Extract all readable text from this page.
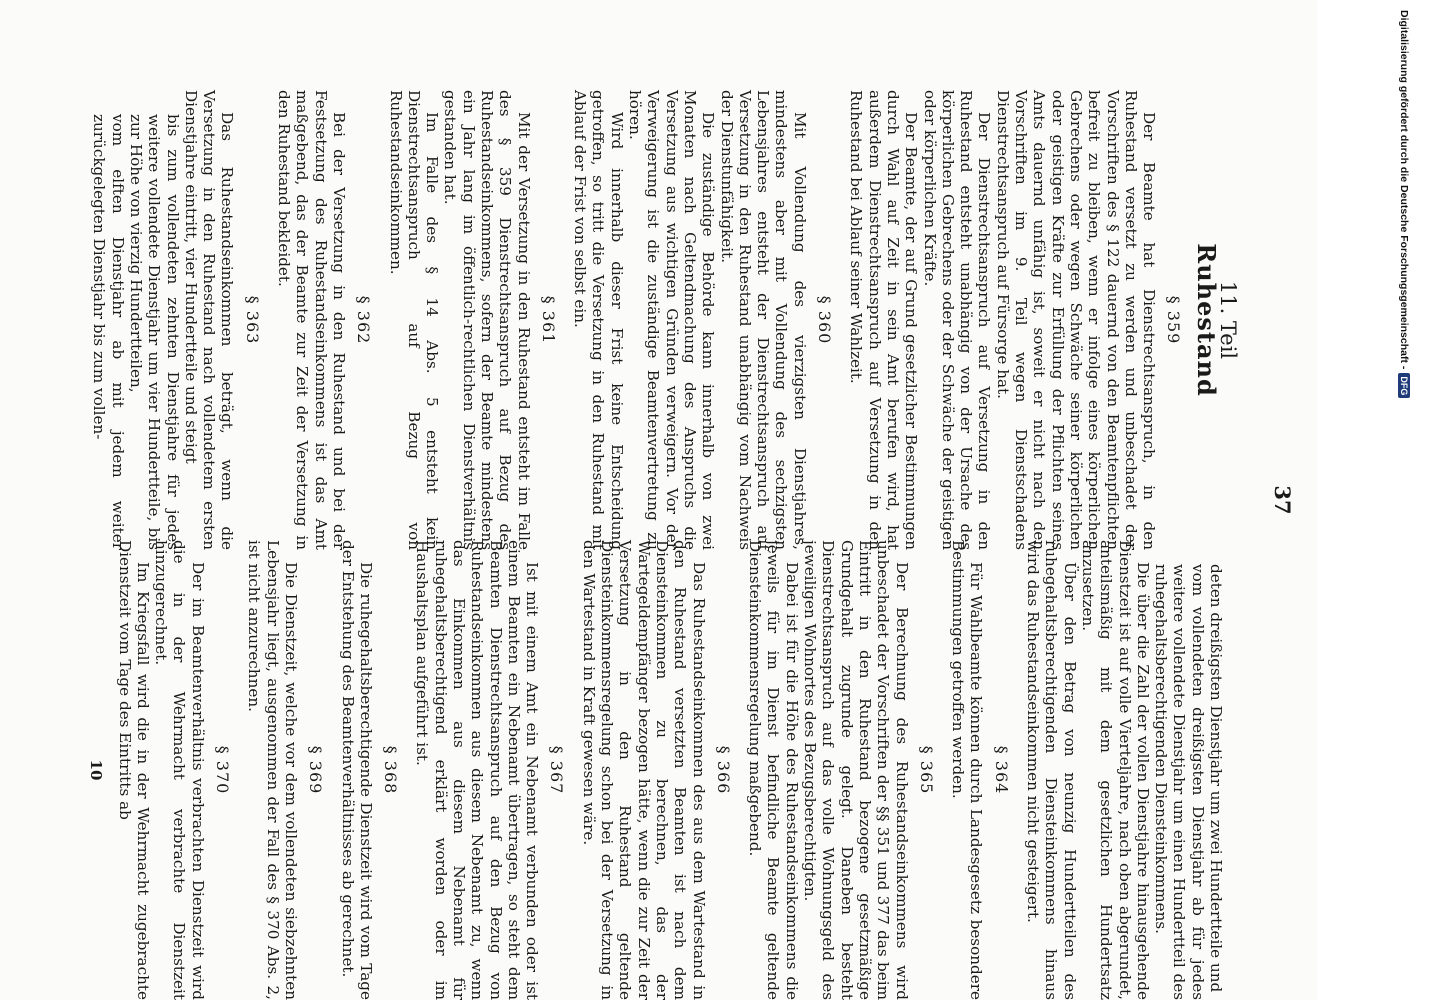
37
11. Teil
Ruhestand
§ 359

Der Beamte hat Dienstrechtsanspruch, in den Ruhestand versetzt zu werden und unbeschadet der Vorschriften des § 122 dauernd von den Beamtenpflichten befreit zu bleiben, wenn er infolge eines körperlichen Gebrechens oder wegen Schwäche seiner körperlichen oder geistigen Kräfte zur Erfüllung der Pflichten seines Amts dauernd unfähig ist, soweit er nicht nach den Vorschriften im 9. Teil wegen Dienstschadens Dienstrechtsanspruch auf Fürsorge hat.

Der Dienstrechtsanspruch auf Versetzung in den Ruhestand entsteht unabhängig von der Ursache des körperlichen Gebrechens oder der Schwäche der geistigen oder körperlichen Kräfte.

Der Beamte, der auf Grund gesetzlicher Bestimmungen durch Wahl auf Zeit in sein Amt berufen wird, hat außerdem Dienstrechtsanspruch auf Versetzung in den Ruhestand bei Ablauf seiner Wahlzeit.

§ 360

Mit Vollendung des vierzigsten Dienstjahres, mindestens aber mit Vollendung des sechzigsten Lebensjahres entsteht der Dienstrechtsanspruch auf Versetzung in den Ruhestand unabhängig vom Nachweis der Dienstunfähigkeit.

Die zuständige Behörde kann innerhalb von zwei Monaten nach Geltendmachung des Anspruchs die Versetzung aus wichtigen Gründen verweigern. Vor der Verweigerung ist die zuständige Beamtenvertretung zu hören.

Wird innerhalb dieser Frist keine Entscheidung getroffen, so tritt die Versetzung in den Ruhestand mit Ablauf der Frist von selbst ein.

§ 361

Mit der Versetzung in den Ruhestand entsteht im Falle des § 359 Dienstrechtsanspruch auf Bezug des Ruhestandseinkommens, sofern der Beamte mindestens ein Jahr lang im öffentlich-rechtlichen Dienstverhältnis gestanden hat.

Im Falle des § 14 Abs. 5 entsteht kein Dienstrechtsanspruch auf Bezug von Ruhestandseinkommen.

§ 362

Bei der Versetzung in den Ruhestand und bei der Festsetzung des Ruhestandseinkommens ist das Amt maßgebend, das der Beamte zur Zeit der Versetzung in den Ruhestand bekleidet.

§ 363

Das Ruhestandseinkommen beträgt, wenn die Versetzung in den Ruhestand nach vollendetem ersten Dienstjahre eintritt, vier Hundertteile und steigt

bis zum vollendeten zehnten Dienstjahre für jedes weitere vollendete Dienstjahr um vier Hundertteile, bis zur Höhe von vierzig Hundertteilen,

vom elften Dienstjahr ab mit jedem weiter zurückgelegten Dienstjahr bis zum vollen-

deten dreißigsten Dienstjahr um zwei Hundertteile und

vom vollendeten dreißigsten Dienstjahr ab für jedes weitere vollendete Dienstjahr um einen Hundertteil des ruhegehaltsberechtigenden Diensteinkommens.

Die über die Zahl der vollen Dienstjahre hinausgehende Dienstzeit ist auf volle Vierteljahre, nach oben abgerundet, anteilsmäßig mit dem gesetzlichen Hundertsatz anzusetzen.

Über den Betrag von neunzig Hundertteilen des ruhegehaltsberechtigenden Diensteinkommens hinaus wird das Ruhestandseinkommen nicht gesteigert.

§ 364

Für Wahlbeamte können durch Landesgesetz besondere Bestimmungen getroffen werden.

§ 365

Der Berechnung des Ruhestandseinkommens wird unbeschadet der Vorschriften der §§ 351 und 377 das beim Eintritt in den Ruhestand bezogene gesetzmäßige Grundgehalt zugrunde gelegt. Daneben besteht Dienstrechtsanspruch auf das volle Wohnungsgeld des jeweiligen Wohnortes des Bezugsberechtigten.

Dabei ist für die Höhe des Ruhestandseinkommens die jeweils für im Dienst befindliche Beamte geltende Diensteinkommensregelung maßgebend.

§ 366

Das Ruhestandseinkommen des aus dem Wartestand in den Ruhestand versetzten Beamten ist nach dem Diensteinkommen zu berechnen, das der Wartegeldempfänger bezogen hätte, wenn die zur Zeit der Versetzung in den Ruhestand geltende Diensteinkommensregelung schon bei der Versetzung in den Wartestand in Kraft gewesen wäre.

§ 367

Ist mit einem Amt ein Nebenamt verbunden oder ist einem Beamten ein Nebenamt übertragen, so steht dem Beamten Dienstrechtsanspruch auf den Bezug von Ruhestandseinkommen aus diesem Nebenamt zu, wenn das Einkommen aus diesem Nebenamt für ruhegehaltsberechtigend erklärt worden oder im Haushaltsplan aufgeführt ist.

§ 368

Die ruhegehaltsberechtigende Dienstzeit wird vom Tage der Entstehung des Beamtenverhältnisses ab gerechnet.

§ 369

Die Dienstzeit, welche vor dem vollendeten siebzehnten Lebensjahr liegt, ausgenommen der Fall des § 370 Abs. 2, ist nicht anzurechnen.

§ 370

Der im Beamtenverhältnis verbrachten Dienstzeit wird die in der Wehrmacht verbrachte Dienstzeit hinzugerechnet.

Im Kriegsfall wird die in der Wehrmacht zugebrachte Dienstzeit vom Tage des Eintritts ab

10
Digitalisierung gefördert durch die Deutsche Forschungsgemeinschaft -
DFG
